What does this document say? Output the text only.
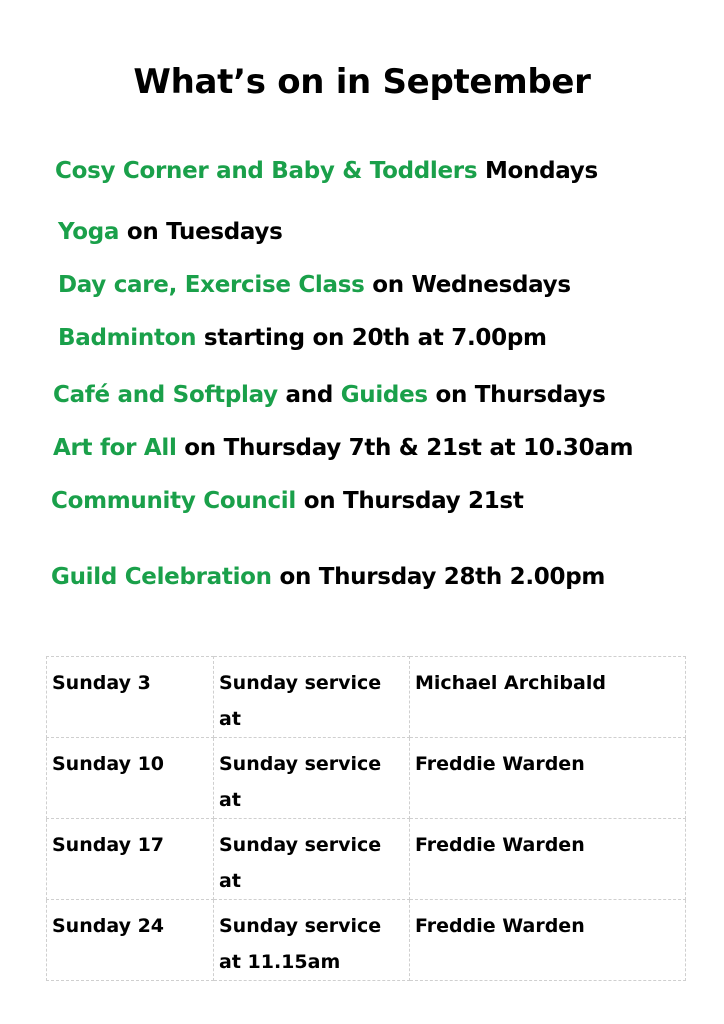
What’s on in September
Cosy Corner and Baby & Toddlers Mondays
Yoga on Tuesdays
Day care, Exercise Class on Wednesdays
Badminton starting on 20th at 7.00pm
Café and Softplay and Guides on Thursdays
Art for All on Thursday 7th & 21st at 10.30am
Community Council on Thursday 21st
Guild Celebration on Thursday 28th 2.00pm
Sunday 3	Sunday service at	Michael Archibald
Sunday 10	Sunday service at	Freddie Warden
Sunday 17	Sunday service at	Freddie Warden
Sunday 24	Sunday service at 11.15am	Freddie Warden
